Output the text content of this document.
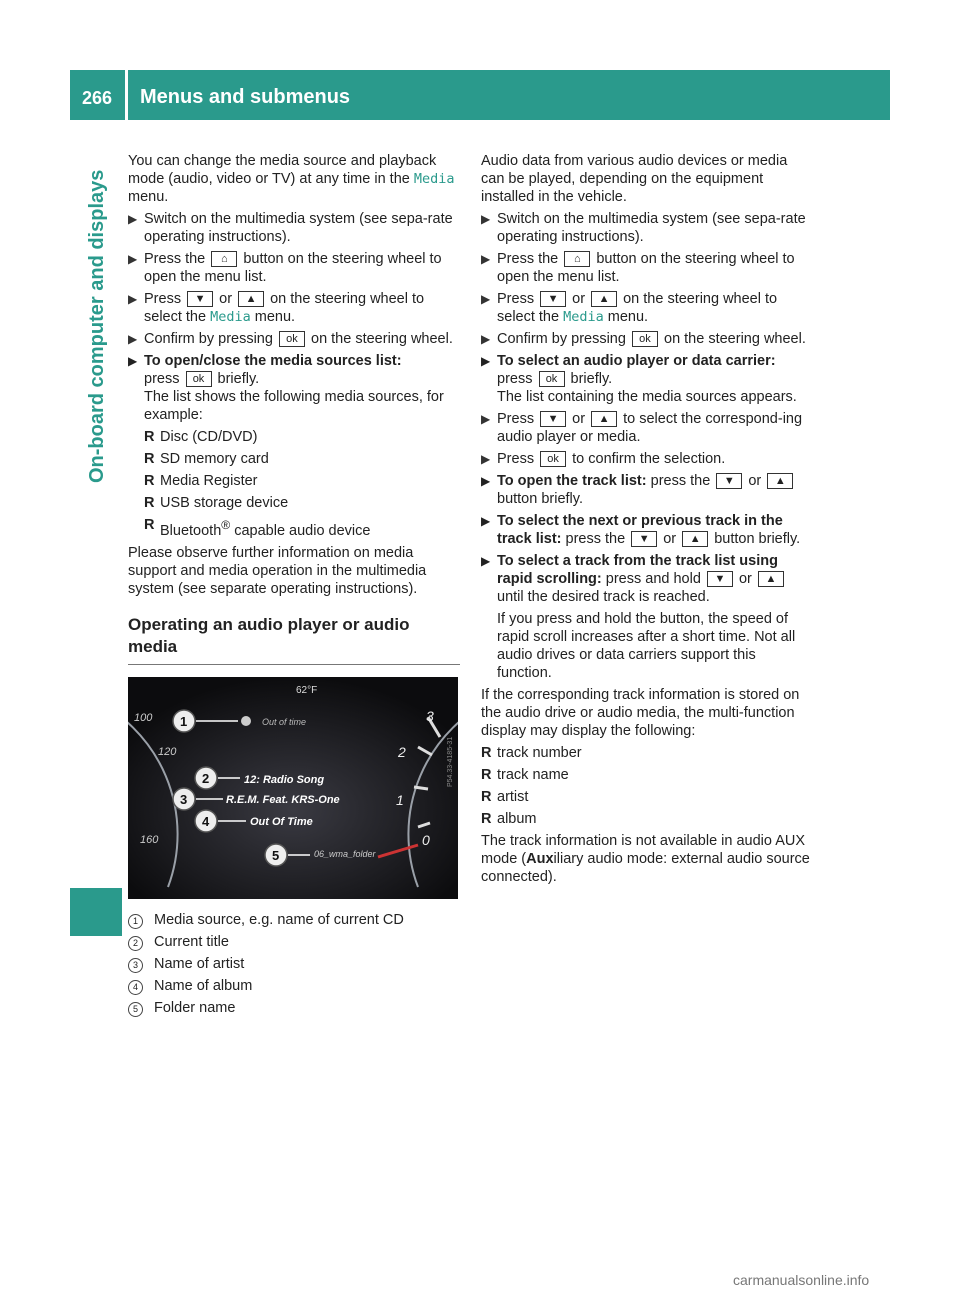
266 Menus and submenus
On-board computer and displays

You can change the media source and playback mode (audio, video or TV) at any time in the Media menu.

▶ Switch on the multimedia system (see sepa-rate operating instructions).
▶ Press the ⌂ button on the steering wheel to open the menu list.
▶ Press ▼ or ▲ on the steering wheel to select the Media menu.
▶ Confirm by pressing ok on the steering wheel.
▶ To open/close the media sources list:
press ok briefly.
The list shows the following media sources, for example:
R Disc (CD/DVD)
R SD memory card
R Media Register
R USB storage device
R Bluetooth® capable audio device

Please observe further information on media support and media operation in the multimedia system (see separate operating instructions).

Operating an audio player or audio media
62°F
100
120
160
3
2
1
0
Out of time
12: Radio Song
R.E.M. Feat. KRS-One
Out Of Time
06_wma_folder
1
2
3
4
5
P54.33-4185-31
1	Media source, e.g. name of current CD
2	Current title
3	Name of artist
4	Name of album
5	Folder name

Audio data from various audio devices or media can be played, depending on the equipment installed in the vehicle.

▶ Switch on the multimedia system (see sepa-rate operating instructions).
▶ Press the ⌂ button on the steering wheel to open the menu list.
▶ Press ▼ or ▲ on the steering wheel to select the Media menu.
▶ Confirm by pressing ok on the steering wheel.
▶ To select an audio player or data carrier:
press ok briefly.
The list containing the media sources appears.
▶ Press ▼ or ▲ to select the correspond-ing audio player or media.
▶ Press ok to confirm the selection.
▶ To open the track list: press the ▼ or ▲ button briefly.
▶ To select the next or previous track in the track list: press the ▼ or ▲ button briefly.
▶ To select a track from the track list using rapid scrolling: press and hold ▼ or ▲ until the desired track is reached.

If you press and hold the button, the speed of rapid scroll increases after a short time. Not all audio drives or data carriers support this function.

If the corresponding track information is stored on the audio drive or audio media, the multi-function display may display the following:

R track number
R track name
R artist
R album

The track information is not available in audio AUX mode (Auxiliary audio mode: external audio source connected).

carmanualsonline.info
